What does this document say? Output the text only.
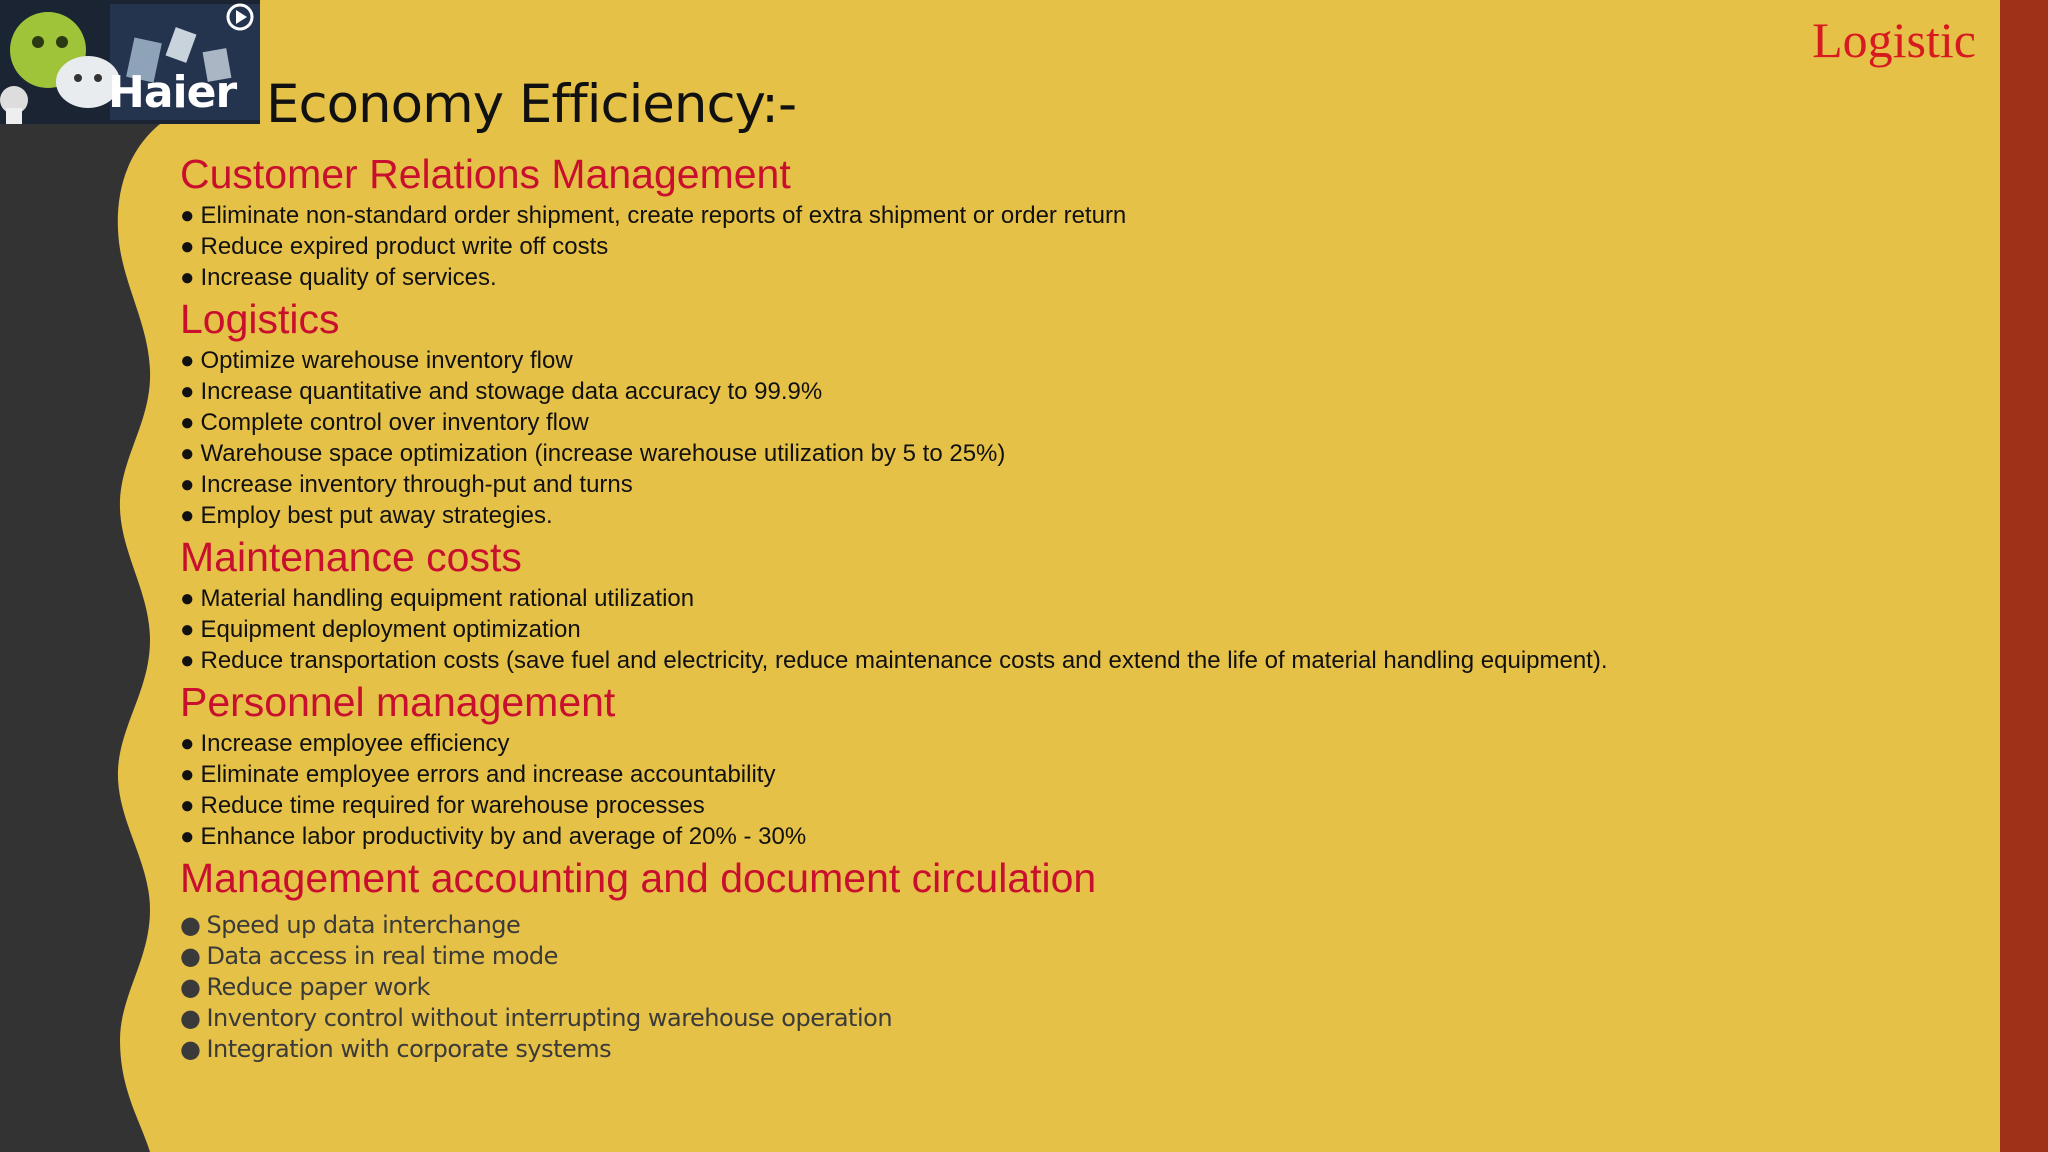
Haier Economy Efficiency:-
Logistic
Customer Relations Management
● Eliminate non-standard order shipment, create reports of extra shipment or order return
● Reduce expired product write off costs
● Increase quality of services.
Logistics
● Optimize warehouse inventory flow
● Increase quantitative and stowage data accuracy to 99.9%
● Complete control over inventory flow
● Warehouse space optimization (increase warehouse utilization by 5 to 25%)
● Increase inventory through-put and turns
● Employ best put away strategies.
Maintenance costs
● Material handling equipment rational utilization
● Equipment deployment optimization
● Reduce transportation costs (save fuel and electricity, reduce maintenance costs and extend the life of material handling equipment).
Personnel management
● Increase employee efficiency
● Eliminate employee errors and increase accountability
● Reduce time required for warehouse processes
● Enhance labor productivity by and average of 20% - 30%
Management accounting and document circulation
● Speed up data interchange
● Data access in real time mode
● Reduce paper work
● Inventory control without interrupting warehouse operation
● Integration with corporate systems
